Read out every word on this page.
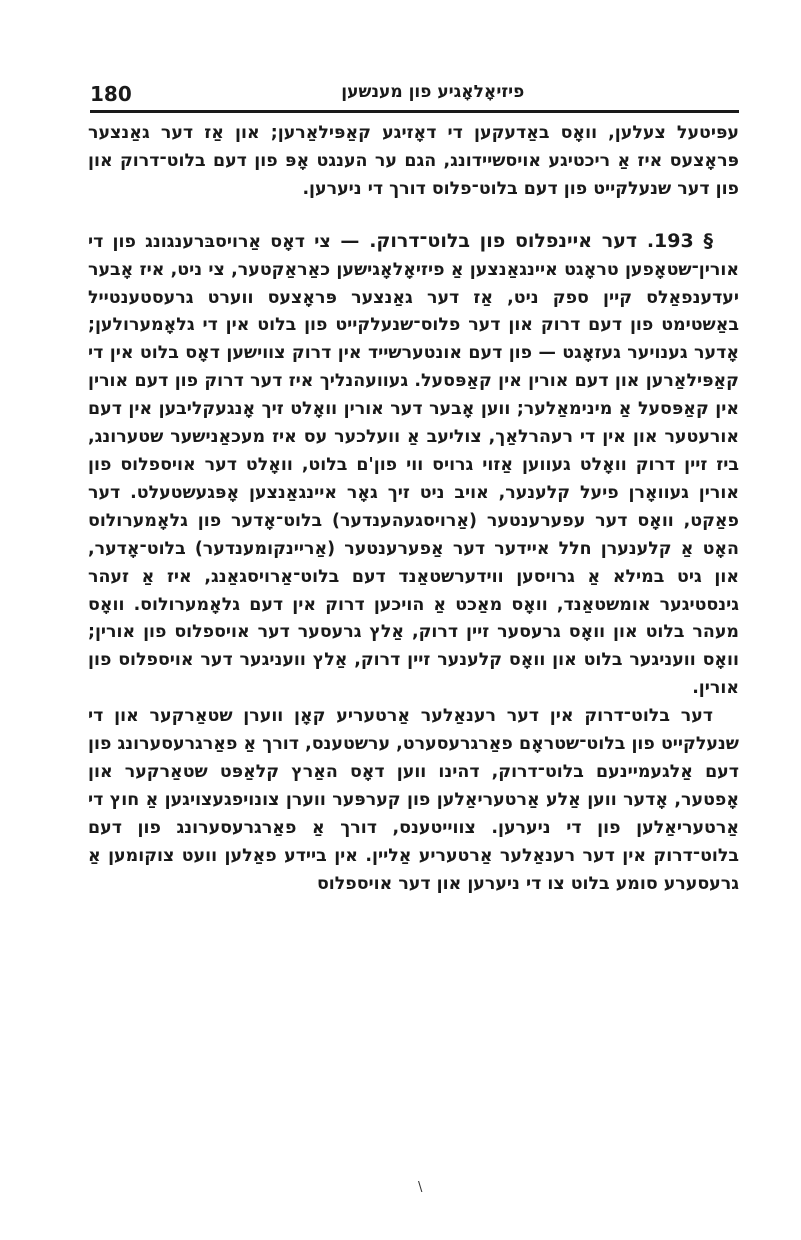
180	פיזיאָלאָגיע פון מענשען

עפּיטעל צעלען, וואָס באַדעקען די דאָזיגע קאַפּילאַרען; און אַז דער גאַנצער פּראָצעס איז אַ ריכטיגע אויסשיידונג, הגם ער הענגט אָפּ פון דעם בלוט־דרוק און פון דער שנעלקייט פון דעם בלוט־פלוס דורך די ניערען.

§ 193. דער איינפלוס פון בלוט־דרוק. — צי דאָס אַרויסבּרענגונג פון די אורין־שטאָפען טראָגט איינגאַנצען אַ פיזיאָלאָגישען כאַראַקטער, צי ניט, איז אָבער יעדענפאַלס קיין ספק ניט, אַז דער גאַנצער פּראָצעס ווערט גרעסטענטייל באַשטימט פון דעם דרוק און דער פלוס־שנעלקייט פון בלוט אין די גלאָמערולען; אָדער גענויער געזאָגט — פון דעם אונטערשייד אין דרוק צווישען דאָס בלוט אין די קאַפּילאַרען און דעם אורין אין קאַפּסעל. געוועהנליך איז דער דרוק פון דעם אורין אין קאַפּסעל אַ מינימאַלער; ווען אָבער דער אורין וואָלט זיך אָנגעקליבען אין דעם אורעטער און אין די רעהרלאַך, צוליעב אַ וועלכער עס איז מעכאַנישער שטערונג, ביז זיין דרוק וואָלט געווען אַזוי גרויס ווי פון'ם בלוט, וואָלט דער אויספלוס פון אורין געוואָרן פיעל קלענער, אויב ניט זיך גאָר איינגאַנצען אָפּגעשטעלט. דער פאַקט, וואָס דער עפערענטער (אַרויסגעהענדער) בלוט־אָדער פון גלאָמערולוס האָט אַ קלענערן חלל איידער דער אַפערענטער (אַריינקומענדער) בלוט־אָדער, און גיט במילא אַ גרויסען ווידערשטאַנד דעם בלוט־אַרויסגאַנג, איז אַ זעהר גינסטיגער אומשטאַנד, וואָס מאַכט אַ הויכען דרוק אין דעם גלאָמערולוס. וואָס מעהר בלוט און וואָס גרעסער זיין דרוק, אַלץ גרעסער דער אויספלוס פון אורין; וואָס וועניגער בלוט און וואָס קלענער זיין דרוק, אַלץ וועניגער דער אויספלוס פון אורין.

דער בלוט־דרוק אין דער רענאַלער אַרטעריע קאָן ווערן שטאַרקער און די שנעלקייט פון בלוט־שטראָם פאַרגרעסערט, ערשטענס, דורך אַ פאַרגרעסערונג פון דעם אַלגעמיינעם בלוט־דרוק, דהינו ווען דאָס האַרץ קלאַפּט שטאַרקער און אָפטער, אָדער ווען אַלע אַרטעריאַלען פון קערפּער ווערן צונויפגעצויגען אַ חוץ די אַרטעריאַלען פון די ניערען. צווייטענס, דורך אַ פאַרגרעסערונג פון דעם בלוט־דרוק אין דער רענאַלער אַרטעריע אַליין. אין ביידע פאַלען וועט צוקומען אַ גרעסערע סומע בלוט צו די ניערען און דער אויספלוס

\
